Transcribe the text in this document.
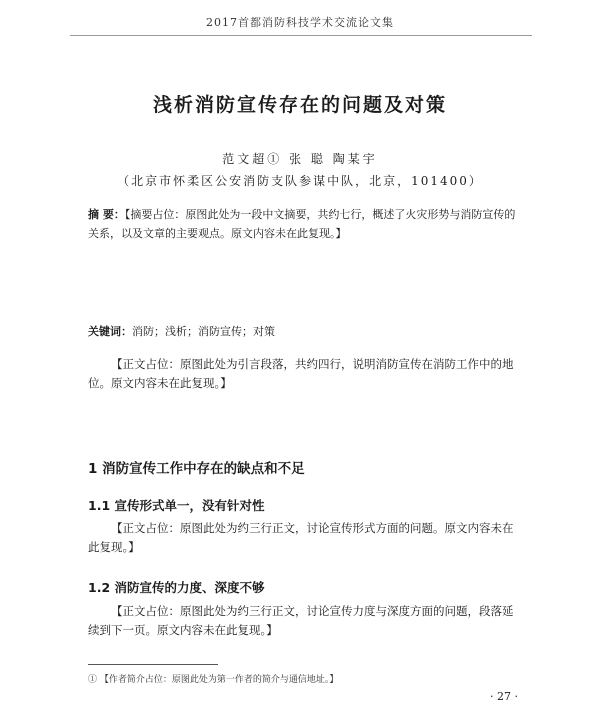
2017首都消防科技学术交流论文集
浅析消防宣传存在的问题及对策
范文超① 张 聪 陶某宇
（北京市怀柔区公安消防支队参谋中队，北京，101400）
摘 要：【摘要占位：原图此处为一段中文摘要，共约七行，概述了火灾形势与消防宣传的关系，以及文章的主要观点。原文内容未在此复现。】
关键词：消防；浅析；消防宣传；对策

【正文占位：原图此处为引言段落，共约四行，说明消防宣传在消防工作中的地位。原文内容未在此复现。】

1 消防宣传工作中存在的缺点和不足
1.1 宣传形式单一，没有针对性

【正文占位：原图此处为约三行正文，讨论宣传形式方面的问题。原文内容未在此复现。】

1.2 消防宣传的力度、深度不够

【正文占位：原图此处为约三行正文，讨论宣传力度与深度方面的问题，段落延续到下一页。原文内容未在此复现。】

① 【作者简介占位：原图此处为第一作者的简介与通信地址。】
· 27 ·
